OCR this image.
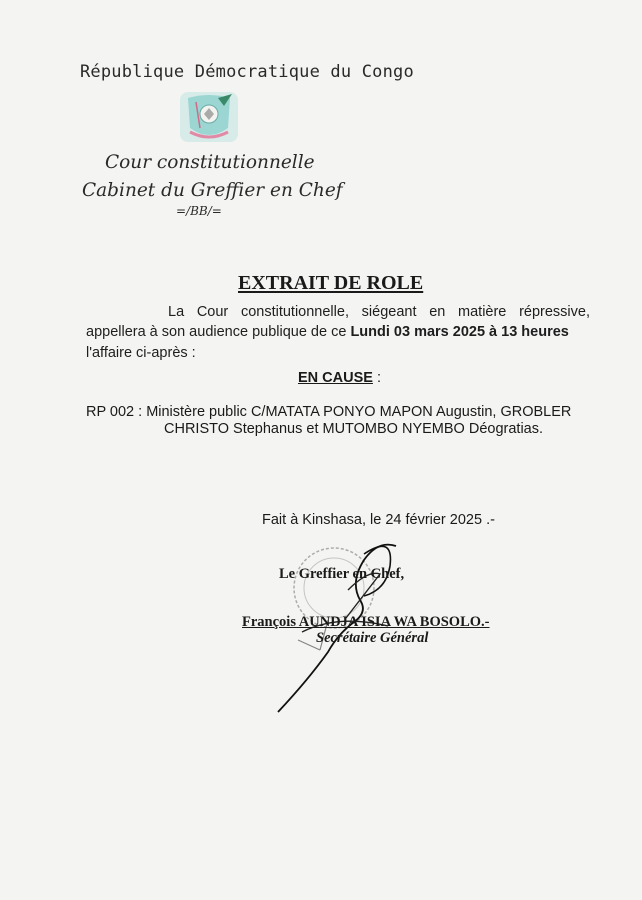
République Démocratique du Congo
Cour constitutionnelle
Cabinet du Greffier en Chef
=/BB/=
EXTRAIT DE ROLE
La Cour constitutionnelle, siégeant en matière répressive,
appellera à son audience publique de ce Lundi 03 mars 2025 à 13 heures
l'affaire ci-après :
EN CAUSE :
RP 002 : Ministère public C/MATATA PONYO MAPON Augustin, GROBLER
CHRISTO Stephanus et MUTOMBO NYEMBO Déogratias.
Fait à Kinshasa, le 24 février 2025 .-
Le Greffier en Chef,
François AUNDJA ISIA WA BOSOLO.-
Secrétaire Général
